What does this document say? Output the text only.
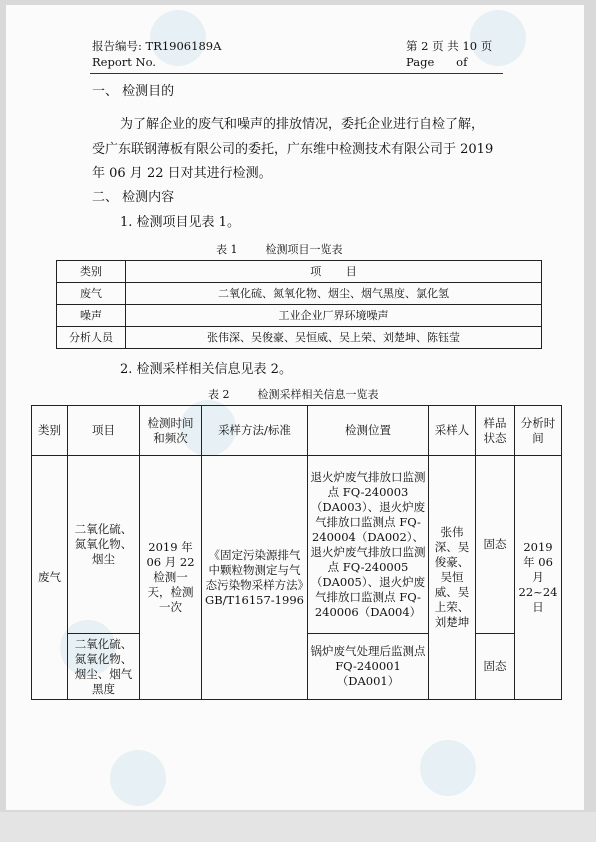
报告编号: TR1906189A
Report No.
第 2 页 共 10 页
Page      of
一、 检测目的
为了解企业的废气和噪声的排放情况，委托企业进行自检了解，
受广东联钢薄板有限公司的委托，广东维中检测技术有限公司于 2019
年 06 月 22 日对其进行检测。
二、 检测内容
1. 检测项目见表 1。
表 1        检测项目一览表
类别	项       目
废气	二氧化硫、氮氧化物、烟尘、烟气黑度、氯化氢
噪声	工业企业厂界环境噪声
分析人员	张伟深、吴俊豪、吴恒威、吴上荣、刘楚坤、陈钰莹
2. 检测采样相关信息见表 2。
表 2        检测采样相关信息一览表
类别	项目	检测时间和频次	采样方法/标准	检测位置	采样人	样品状态	分析时间
废气	二氧化硫、氮氧化物、烟尘	2019 年 06 月 22 检测一天，检测一次	《固定污染源排气中颗粒物测定与气态污染物采样方法》GB/T16157-1996	退火炉废气排放口监测点 FQ-240003（DA003）、退火炉废气排放口监测点 FQ-240004（DA002）、退火炉废气排放口监测点 FQ-240005（DA005）、退火炉废气排放口监测点 FQ-240006（DA004）	张伟深、吴俊豪、吴恒威、吴上荣、刘楚坤	固态	2019 年 06 月 22~24 日
	二氧化硫、氮氧化物、烟尘、烟气黑度			锅炉废气处理后监测点 FQ-240001（DA001）		固态	
